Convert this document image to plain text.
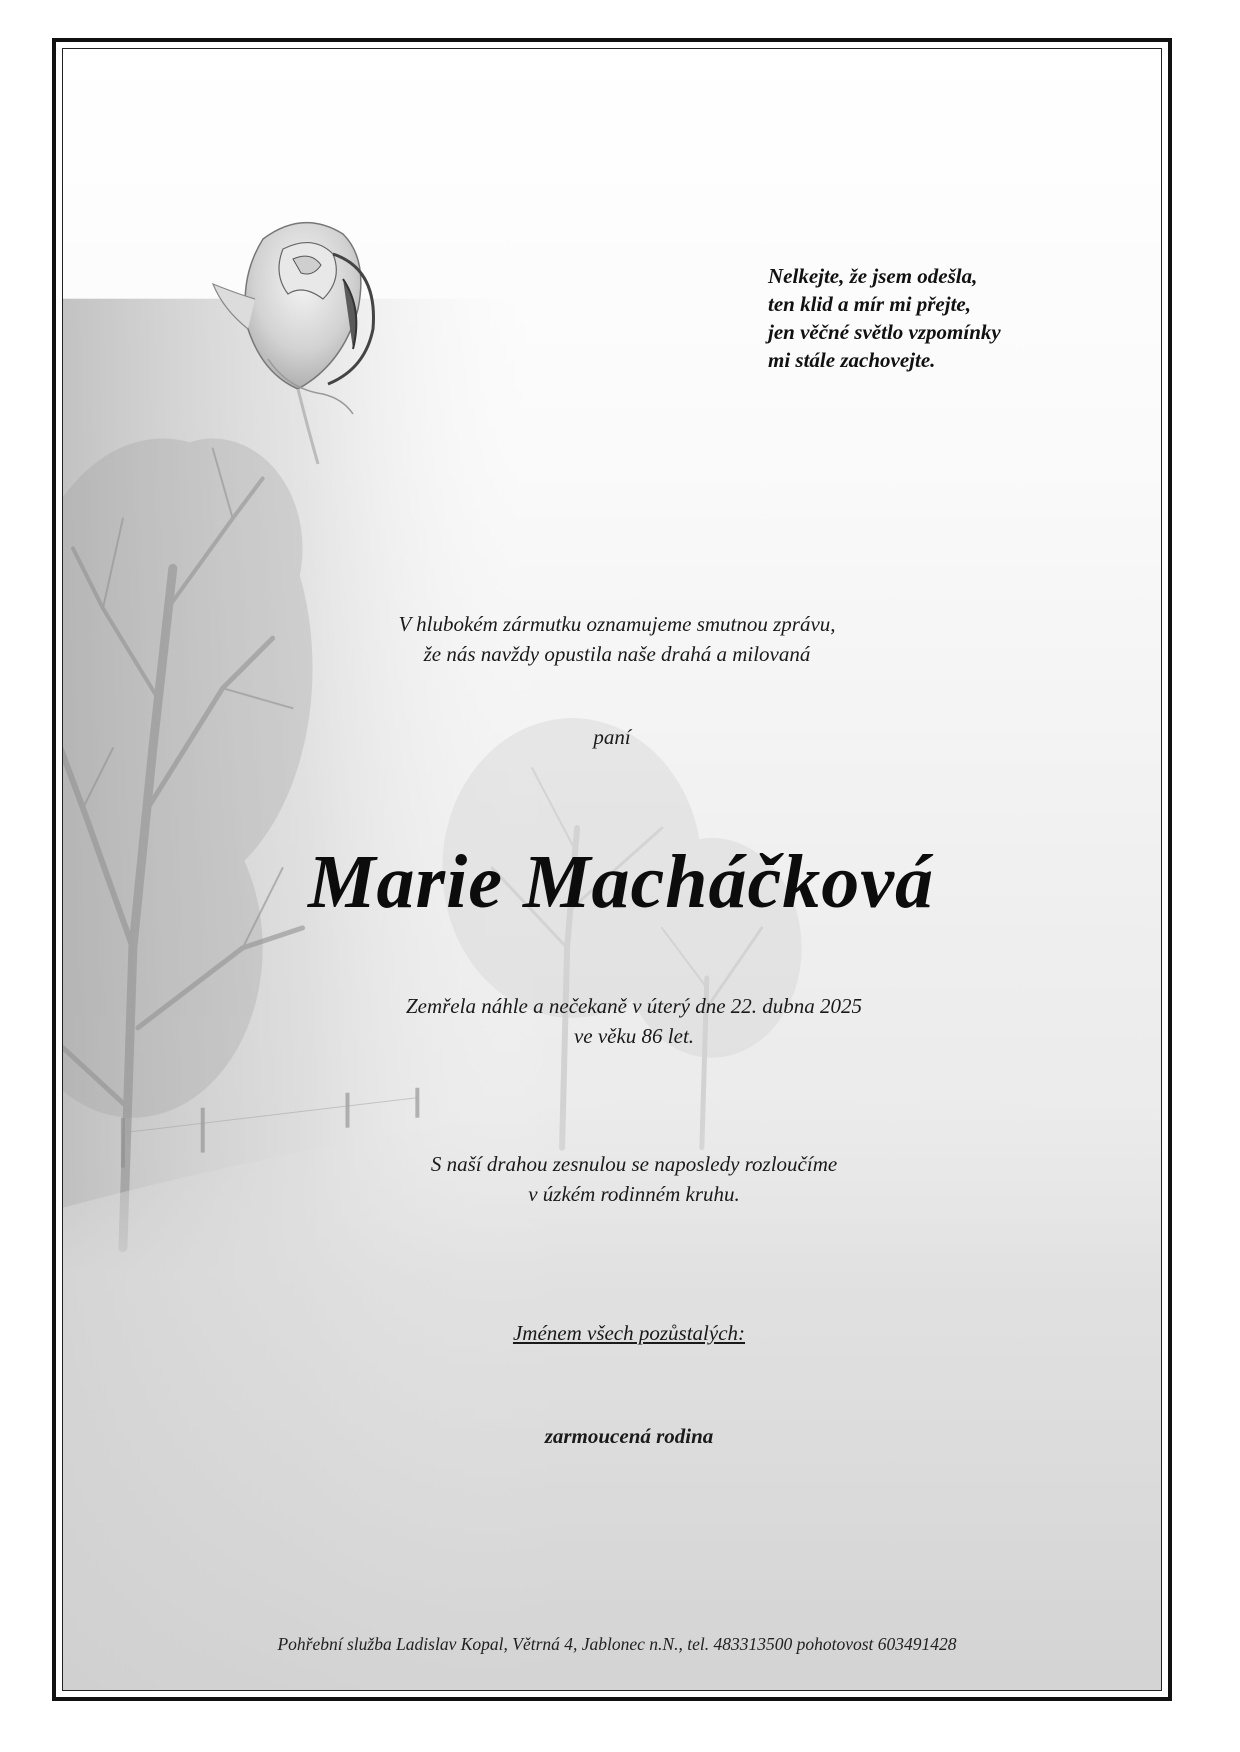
Nelkejte, že jsem odešla,
ten klid a mír mi přejte,
jen věčné světlo vzpomínky
mi stále zachovejte.
V hlubokém zármutku oznamujeme smutnou zprávu,
že nás navždy opustila naše drahá a milovaná
paní
Marie Macháčková
Zemřela náhle a nečekaně v úterý dne 22. dubna 2025
ve věku 86 let.
S naší drahou zesnulou se naposledy rozloučíme
v úzkém rodinném kruhu.
Jménem všech pozůstalých:
zarmoucená rodina
Pohřební služba Ladislav Kopal, Větrná 4, Jablonec n.N., tel. 483313500 pohotovost 603491428
